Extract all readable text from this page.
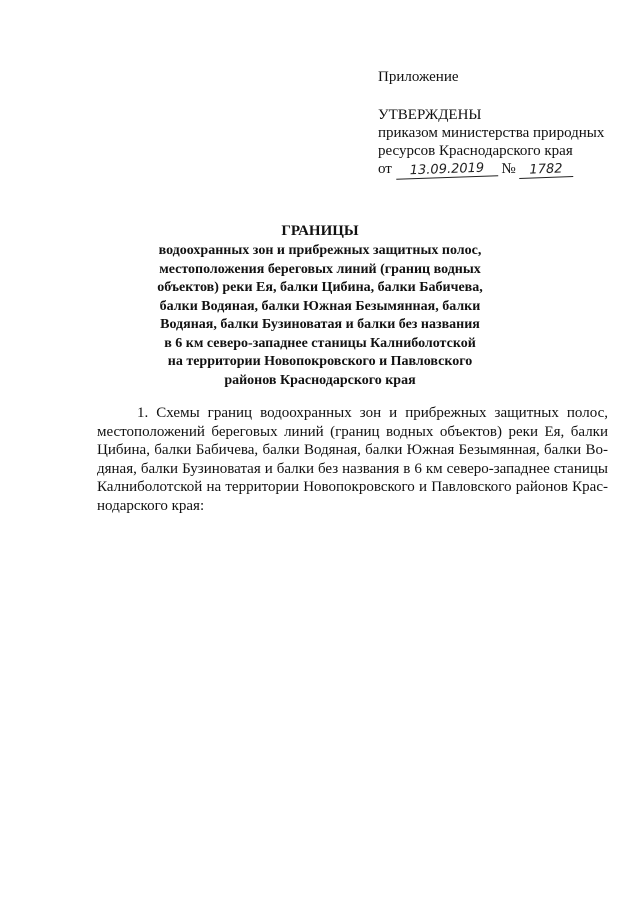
Приложение
УТВЕРЖДЕНЫ
приказом министерства природных
ресурсов Краснодарского края
от 13.09.2019 № 1782
ГРАНИЦЫ
водоохранных зон и прибрежных защитных полос,
местоположения береговых линий (границ водных
объектов) реки Ея, балки Цибина, балки Бабичева,
балки Водяная, балки Южная Безымянная, балки
Водяная, балки Бузиноватая и балки без названия
в 6 км северо-западнее станицы Калниболотской
на территории Новопокровского и Павловского
районов Краснодарского края
1. Схемы границ водоохранных зон и прибрежных защитных полос,
местоположений береговых линий (границ водных объектов) реки Ея, балки
Цибина, балки Бабичева, балки Водяная, балки Южная Безымянная, балки Во-
дяная, балки Бузиноватая и балки без названия в 6 км северо-западнее станицы
Калниболотской на территории Новопокровского и Павловского районов Крас-
нодарского края:
